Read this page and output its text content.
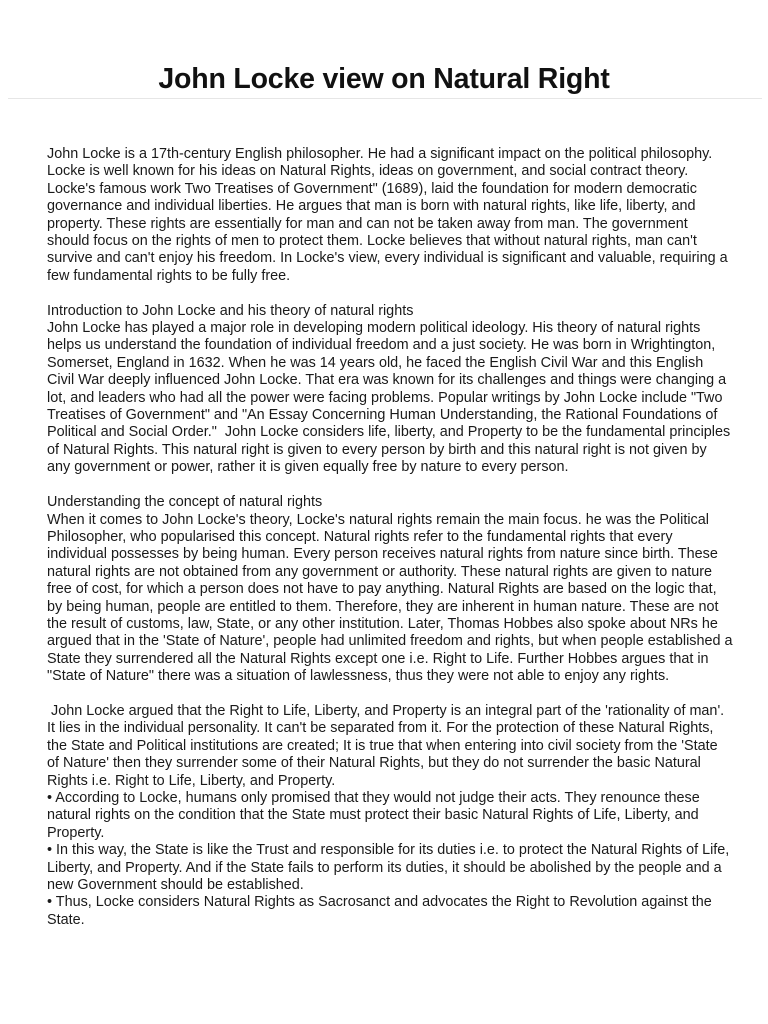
John Locke view on Natural Right

John Locke is a 17th-century English philosopher. He had a significant impact on the political philosophy. Locke is well known for his ideas on Natural Rights, ideas on government, and social contract theory. Locke's famous work Two Treatises of Government" (1689), laid the foundation for modern democratic governance and individual liberties. He argues that man is born with natural rights, like life, liberty, and property. These rights are essentially for man and can not be taken away from man. The government should focus on the rights of men to protect them. Locke believes that without natural rights, man can't survive and can't enjoy his freedom. In Locke's view, every individual is significant and valuable, requiring a few fundamental rights to be fully free.

Introduction to John Locke and his theory of natural rights

John Locke has played a major role in developing modern political ideology. His theory of natural rights helps us understand the foundation of individual freedom and a just society. He was born in Wrightington, Somerset, England in 1632. When he was 14 years old, he faced the English Civil War and this English Civil War deeply influenced John Locke. That era was known for its challenges and things were changing a lot, and leaders who had all the power were facing problems. Popular writings by John Locke include "Two Treatises of Government" and "An Essay Concerning Human Understanding, the Rational Foundations of Political and Social Order."  John Locke considers life, liberty, and Property to be the fundamental principles of Natural Rights. This natural right is given to every person by birth and this natural right is not given by any government or power, rather it is given equally free by nature to every person.

Understanding the concept of natural rights

When it comes to John Locke's theory, Locke's natural rights remain the main focus. he was the Political Philosopher, who popularised this concept. Natural rights refer to the fundamental rights that every individual possesses by being human. Every person receives natural rights from nature since birth. These natural rights are not obtained from any government or authority. These natural rights are given to nature free of cost, for which a person does not have to pay anything. Natural Rights are based on the logic that, by being human, people are entitled to them. Therefore, they are inherent in human nature. These are not the result of customs, law, State, or any other institution. Later, Thomas Hobbes also spoke about NRs he argued that in the 'State of Nature', people had unlimited freedom and rights, but when people established a State they surrendered all the Natural Rights except one i.e. Right to Life. Further Hobbes argues that in "State of Nature" there was a situation of lawlessness, thus they were not able to enjoy any rights.

John Locke argued that the Right to Life, Liberty, and Property is an integral part of the 'rationality of man'. It lies in the individual personality. It can't be separated from it. For the protection of these Natural Rights, the State and Political institutions are created; It is true that when entering into civil society from the 'State of Nature' then they surrender some of their Natural Rights, but they do not surrender the basic Natural Rights i.e. Right to Life, Liberty, and Property.

• According to Locke, humans only promised that they would not judge their acts. They renounce these natural rights on the condition that the State must protect their basic Natural Rights of Life, Liberty, and Property.

• In this way, the State is like the Trust and responsible for its duties i.e. to protect the Natural Rights of Life, Liberty, and Property. And if the State fails to perform its duties, it should be abolished by the people and a new Government should be established.

• Thus, Locke considers Natural Rights as Sacrosanct and advocates the Right to Revolution against the State.
